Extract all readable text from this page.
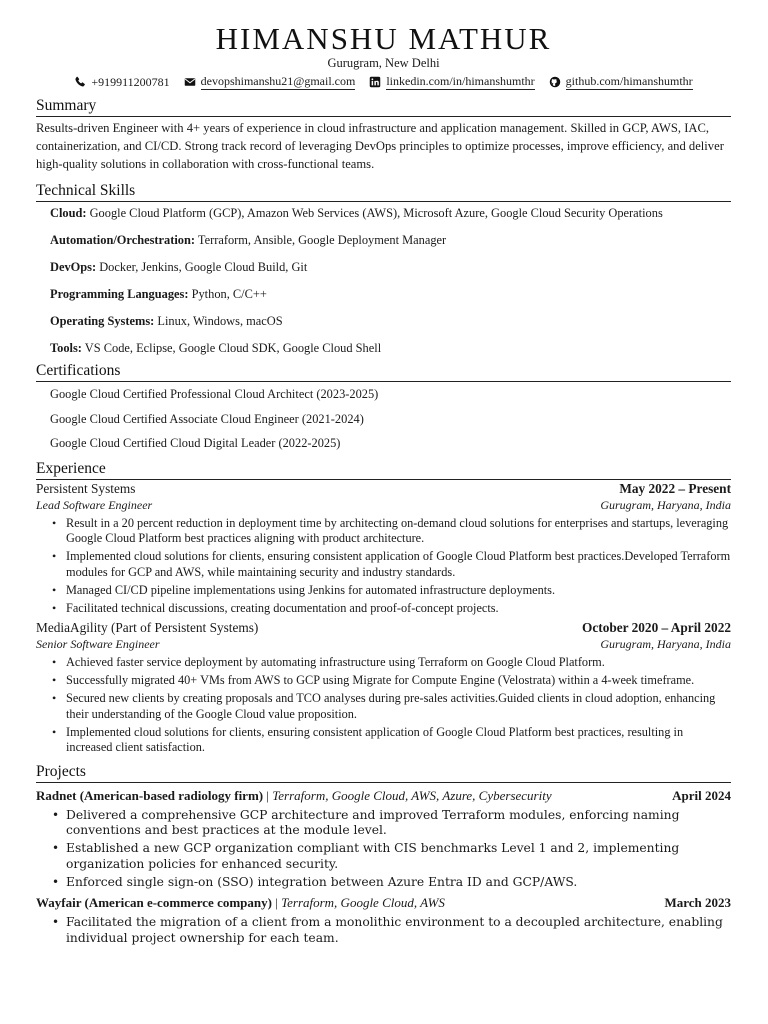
HIMANSHU MATHUR
Gurugram, New Delhi
+919911200781	devopshimanshu21@gmail.com	linkedin.com/in/himanshumthr	github.com/himanshumthr
Summary
Results-driven Engineer with 4+ years of experience in cloud infrastructure and application management. Skilled in GCP, AWS, IAC, containerization, and CI/CD. Strong track record of leveraging DevOps principles to optimize processes, improve efficiency, and deliver high-quality solutions in collaboration with cross-functional teams.
Technical Skills
Cloud: Google Cloud Platform (GCP), Amazon Web Services (AWS), Microsoft Azure, Google Cloud Security Operations
Automation/Orchestration: Terraform, Ansible, Google Deployment Manager
DevOps: Docker, Jenkins, Google Cloud Build, Git
Programming Languages: Python, C/C++
Operating Systems: Linux, Windows, macOS
Tools: VS Code, Eclipse, Google Cloud SDK, Google Cloud Shell
Certifications
Google Cloud Certified Professional Cloud Architect (2023-2025)
Google Cloud Certified Associate Cloud Engineer (2021-2024)
Google Cloud Certified Cloud Digital Leader (2022-2025)
Experience
Persistent Systems	May 2022 – Present
Lead Software Engineer	Gurugram, Haryana, India
• Result in a 20 percent reduction in deployment time by architecting on-demand cloud solutions for enterprises and startups, leveraging Google Cloud Platform best practices aligning with product architecture.
• Implemented cloud solutions for clients, ensuring consistent application of Google Cloud Platform best practices.Developed Terraform modules for GCP and AWS, while maintaining security and industry standards.
• Managed CI/CD pipeline implementations using Jenkins for automated infrastructure deployments.
• Facilitated technical discussions, creating documentation and proof-of-concept projects.
MediaAgility (Part of Persistent Systems)	October 2020 – April 2022
Senior Software Engineer	Gurugram, Haryana, India
• Achieved faster service deployment by automating infrastructure using Terraform on Google Cloud Platform.
• Successfully migrated 40+ VMs from AWS to GCP using Migrate for Compute Engine (Velostrata) within a 4-week timeframe.
• Secured new clients by creating proposals and TCO analyses during pre-sales activities.Guided clients in cloud adoption, enhancing their understanding of the Google Cloud value proposition.
• Implemented cloud solutions for clients, ensuring consistent application of Google Cloud Platform best practices, resulting in increased client satisfaction.
Projects
Radnet (American-based radiology firm) | Terraform, Google Cloud, AWS, Azure, Cybersecurity	April 2024
• Delivered a comprehensive GCP architecture and improved Terraform modules, enforcing naming conventions and best practices at the module level.
• Established a new GCP organization compliant with CIS benchmarks Level 1 and 2, implementing organization policies for enhanced security.
• Enforced single sign-on (SSO) integration between Azure Entra ID and GCP/AWS.
Wayfair (American e-commerce company) | Terraform, Google Cloud, AWS	March 2023
• Facilitated the migration of a client from a monolithic environment to a decoupled architecture, enabling individual project ownership for each team.
